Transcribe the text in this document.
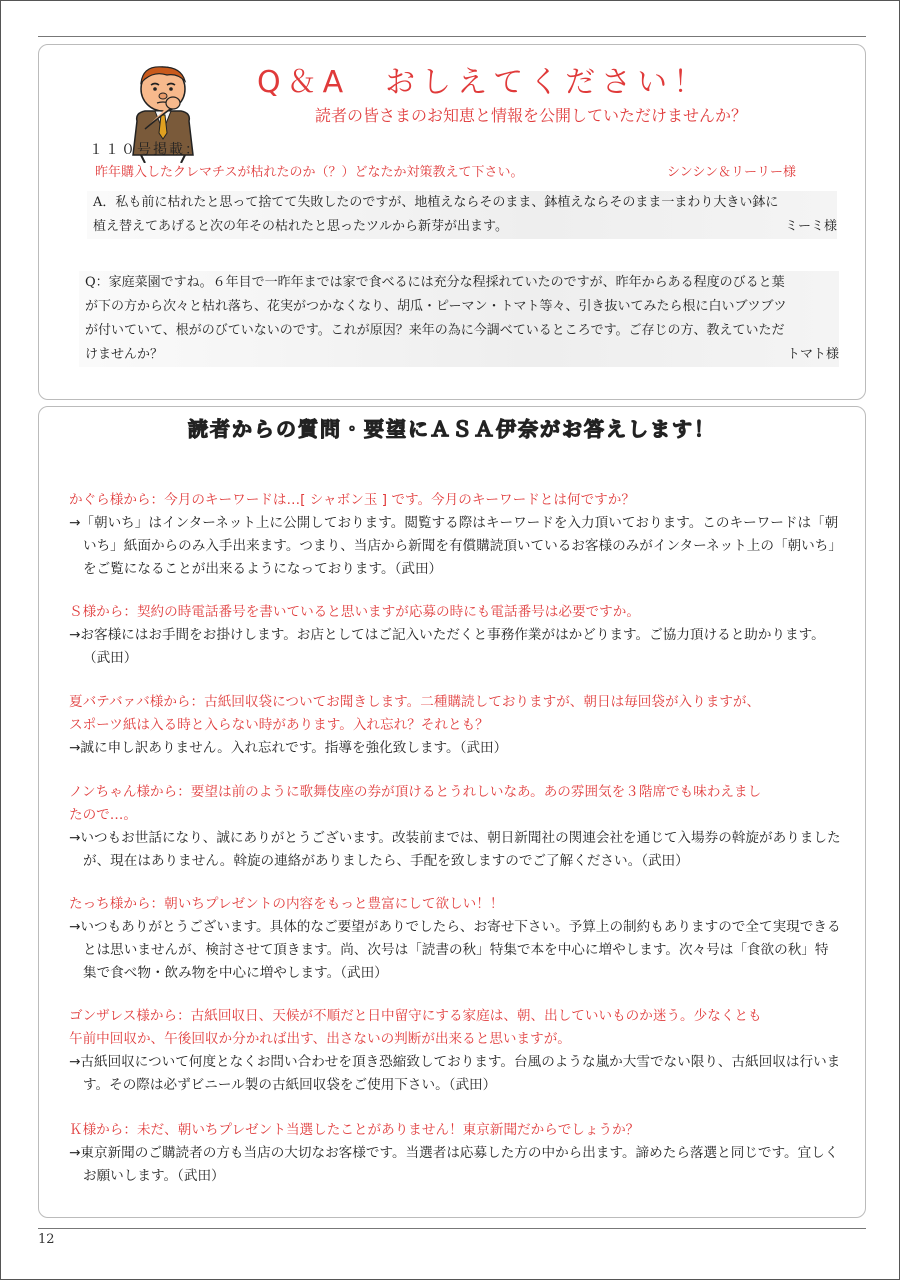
Q＆A　おしえてください！
読者の皆さまのお知恵と情報を公開していただけませんか？
１１０号掲載：
昨年購入したクレマチスが枯れたのか（？）どなたか対策教えて下さい。	シンシン＆リーリー様
A．私も前に枯れたと思って捨てて失敗したのですが、地植えならそのまま、鉢植えならそのまま一まわり大きい鉢に
植え替えてあげると次の年その枯れたと思ったツルから新芽が出ます。	ミーミ様
Q：家庭菜園ですね。６年目で一昨年までは家で食べるには充分な程採れていたのですが、昨年からある程度のびると葉
が下の方から次々と枯れ落ち、花実がつかなくなり、胡瓜・ピーマン・トマト等々、引き抜いてみたら根に白いブツブツ
が付いていて、根がのびていないのです。これが原因？来年の為に今調べているところです。ご存じの方、教えていただ
けませんか？	トマト様
読者からの質問・要望にＡＳＡ伊奈がお答えします！
かぐら様から：今月のキーワードは…[ シャボン玉 ] です。今月のキーワードとは何ですか？
→「朝いち」はインターネット上に公開しております。閲覧する際はキーワードを入力頂いております。このキーワードは「朝いち」紙面からのみ入手出来ます。つまり、当店から新聞を有償購読頂いているお客様のみがインターネット上の「朝いち」をご覧になることが出来るようになっております。（武田）
Ｓ様から：契約の時電話番号を書いていると思いますが応募の時にも電話番号は必要ですか。
→お客様にはお手間をお掛けします。お店としてはご記入いただくと事務作業がはかどります。ご協力頂けると助かります。（武田）
夏バテバァバ様から：古紙回収袋についてお聞きします。二種購読しておりますが、朝日は毎回袋が入りますが、
スポーツ紙は入る時と入らない時があります。入れ忘れ？それとも？
→誠に申し訳ありません。入れ忘れです。指導を強化致します。（武田）
ノンちゃん様から：要望は前のように歌舞伎座の券が頂けるとうれしいなあ。あの雰囲気を３階席でも味わえまし
たので…。
→いつもお世話になり、誠にありがとうございます。改装前までは、朝日新聞社の関連会社を通じて入場券の斡旋がありましたが、現在はありません。斡旋の連絡がありましたら、手配を致しますのでご了解ください。（武田）
たっち様から：朝いちプレゼントの内容をもっと豊富にして欲しい！！
→いつもありがとうございます。具体的なご要望がありでしたら、お寄せ下さい。予算上の制約もありますので全て実現できるとは思いませんが、検討させて頂きます。尚、次号は「読書の秋」特集で本を中心に増やします。次々号は「食欲の秋」特集で食べ物・飲み物を中心に増やします。（武田）
ゴンザレス様から：古紙回収日、天候が不順だと日中留守にする家庭は、朝、出していいものか迷う。少なくとも
午前中回収か、午後回収か分かれば出す、出さないの判断が出来ると思いますが。
→古紙回収について何度となくお問い合わせを頂き恐縮致しております。台風のような嵐か大雪でない限り、古紙回収は行います。その際は必ずビニール製の古紙回収袋をご使用下さい。（武田）
Ｋ様から：未だ、朝いちプレゼント当選したことがありません！東京新聞だからでしょうか？
→東京新聞のご購読者の方も当店の大切なお客様です。当選者は応募した方の中から出ます。諦めたら落選と同じです。宜しくお願いします。（武田）
12
